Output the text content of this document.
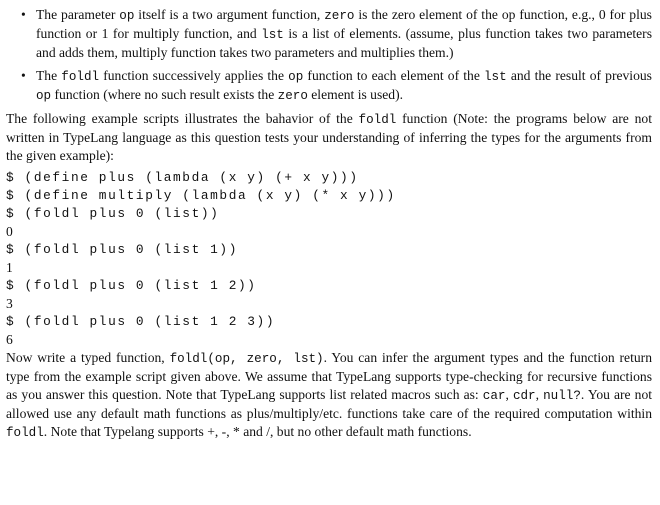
• The parameter op itself is a two argument function, zero is the zero element of the op function, e.g., 0 for plus function or 1 for multiply function, and lst is a list of elements. (assume, plus function takes two parameters and adds them, multiply function takes two parameters and multiplies them.)
• The foldl function successively applies the op function to each element of the lst and the result of previous op function (where no such result exists the zero element is used).

The following example scripts illustrates the bahavior of the foldl function (Note: the programs below are not written in TypeLang language as this question tests your understanding of inferring the types for the arguments from the given example):

$ (define plus (lambda (x y) (+ x y)))
$ (define multiply (lambda (x y) (* x y)))
$ (foldl plus 0 (list))
0
$ (foldl plus 0 (list 1))
1
$ (foldl plus 0 (list 1 2))
3
$ (foldl plus 0 (list 1 2 3))
6

Now write a typed function, foldl(op, zero, lst). You can infer the argument types and the function return type from the example script given above. We assume that TypeLang supports type-checking for recursive functions as you answer this question. Note that TypeLang supports list related macros such as: car, cdr, null?. You are not allowed use any default math functions as plus/multiply/etc. functions take care of the required computation within foldl. Note that Typelang supports +, -, * and /, but no other default math functions.
